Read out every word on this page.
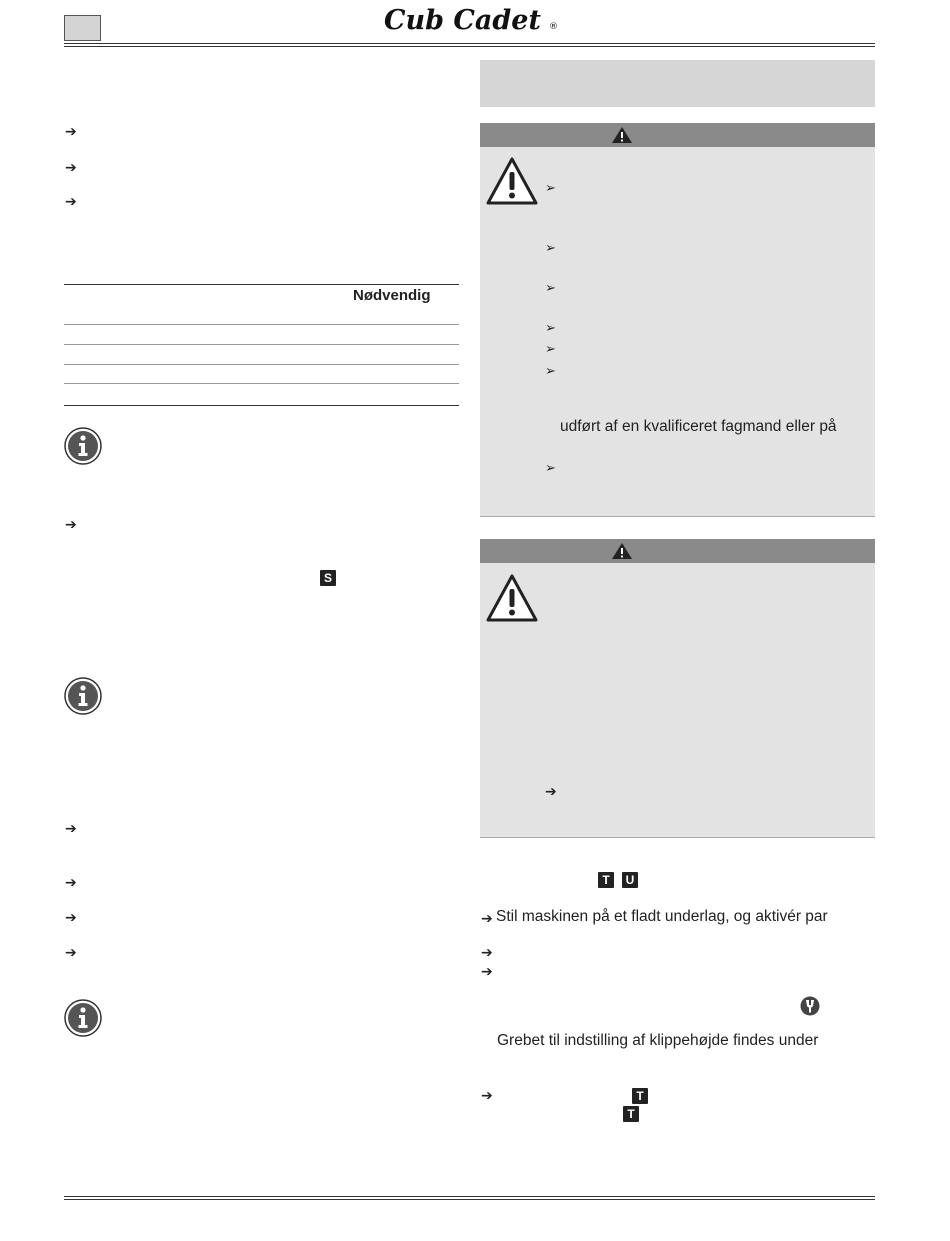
Cub Cadet ®
➔
➔
➔
Nødvendig
➔
S
➔
➔
➔
➔
➢
➢
➢
➢
➢
➢
udført af en kvalificeret fagmand eller på
➢
➔
T	U
➔ Stil maskinen på et fladt underlag, og aktivér par
➔
➔
Grebet til indstilling af klippehøjde findes under
➔	T
T
